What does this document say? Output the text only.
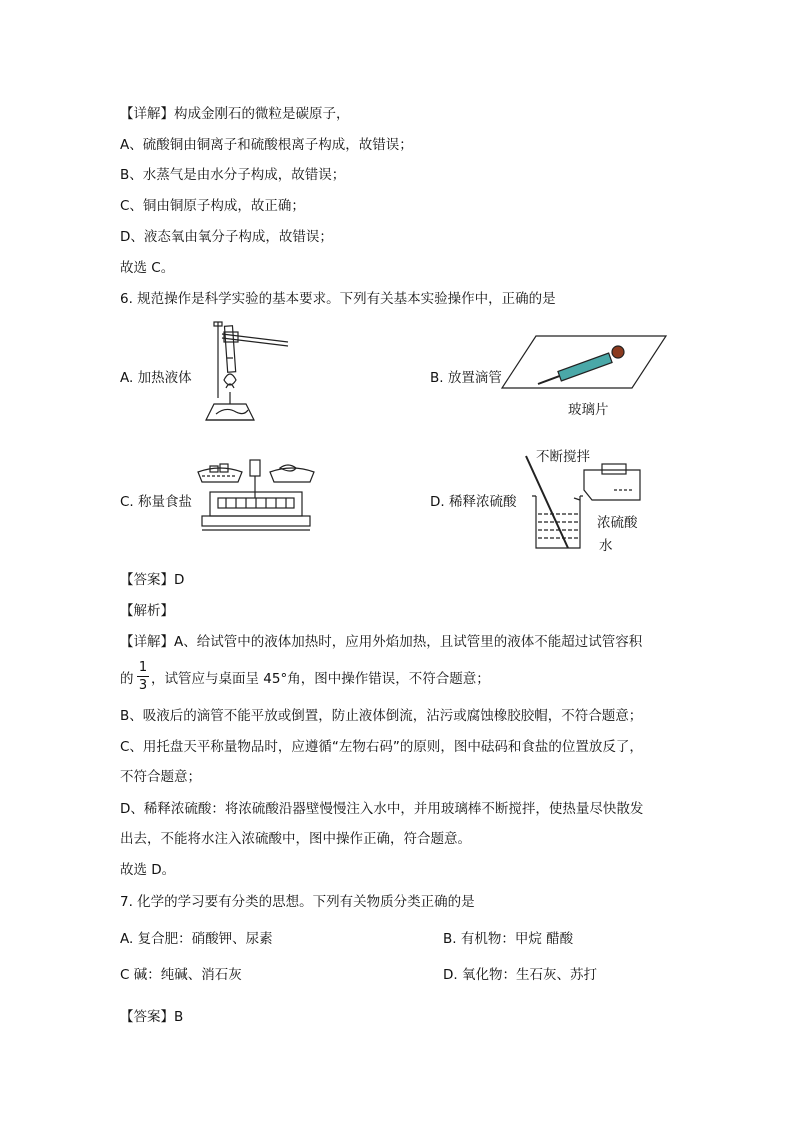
【详解】构成金刚石的微粒是碳原子，
A、硫酸铜由铜离子和硫酸根离子构成，故错误；
B、水蒸气是由水分子构成，故错误；
C、铜由铜原子构成，故正确；
D、液态氧由氧分子构成，故错误；
故选 C。
6. 规范操作是科学实验的基本要求。下列有关基本实验操作中，正确的是
A. 加热液体	B. 放置滴管
C. 称量食盐	D. 稀释浓硫酸
玻璃片
不断搅拌
浓硫酸
水
【答案】D
【解析】
【详解】A、给试管中的液体加热时，应用外焰加热，且试管里的液体不能超过试管容积
的
1
3 ，试管应与桌面呈 45°角，图中操作错误，不符合题意；
B、吸液后的滴管不能平放或倒置，防止液体倒流，沾污或腐蚀橡胶胶帽，不符合题意；
C、用托盘天平称量物品时，应遵循“左物右码”的原则，图中砝码和食盐的位置放反了，
不符合题意；
D、稀释浓硫酸：将浓硫酸沿器壁慢慢注入水中，并用玻璃棒不断搅拌，使热量尽快散发
出去，不能将水注入浓硫酸中，图中操作正确，符合题意。
故选 D。
7. 化学的学习要有分类的思想。下列有关物质分类正确的是
A. 复合肥：硝酸钾、尿素	B. 有机物：甲烷 醋酸
C 碱：纯碱、消石灰	D. 氧化物：生石灰、苏打
【答案】B
